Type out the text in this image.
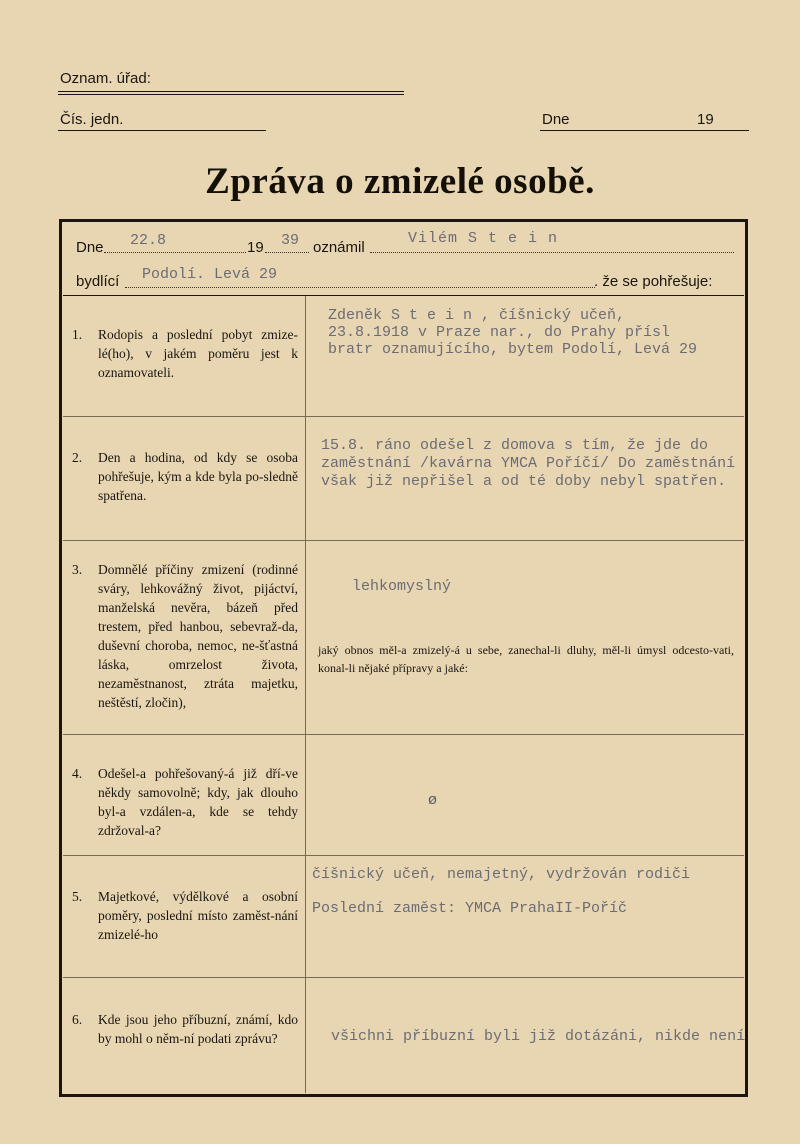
Oznam. úřad:
Čís. jedn.	Dne	19
Zpráva o zmizelé osobě.
Dne 22.8	19 39 oznámil
Vilém S t e i n
bydlící Podolí. Levá 29	. že se pohřešuje:
1. Rodopis a poslední pobyt zmize-lé(ho), v jakém poměru jest k oznamovateli.
Zdeněk S t e i n , číšnický učeň,
23.8.1918 v Praze nar., do Prahy přísl
bratr oznamujícího, bytem Podolí, Levá 29
2. Den a hodina, od kdy se osoba pohřešuje, kým a kde byla po-sledně spatřena.
15.8. ráno odešel z domova s tím, že jde do
zaměstnání /kavárna YMCA Poříčí/ Do zaměstnání
však již nepřišel a od té doby nebyl spatřen.
3. Domnělé příčiny zmizení (rodinné sváry, lehkovážný život, pijáctví, manželská nevěra, bázeň před trestem, před hanbou, sebevraž-da, duševní choroba, nemoc, ne-šťastná láska, omrzelost života, nezaměstnanost, ztráta majetku, neštěstí, zločin),
lehkomyslný
jaký obnos měl-a zmizelý-á u sebe, zanechal-li dluhy, měl-li úmysl odcesto-vati, konal-li nějaké přípravy a jaké:
4. Odešel-a pohřešovaný-á již dří-ve někdy samovolně; kdy, jak dlouho byl-a vzdálen-a, kde se tehdy zdržoval-a?
ø
5. Majetkové, výdělkové a osobní poměry, poslední místo zaměst-nání zmizelé-ho
číšnický učeň, nemajetný, vydržován rodiči
Poslední zaměst: YMCA PrahaII-Poříč
6. Kde jsou jeho příbuzní, známí, kdo by mohl o něm-ní podati zprávu?	všichni příbuzní byli již dotázáni, nikde není
